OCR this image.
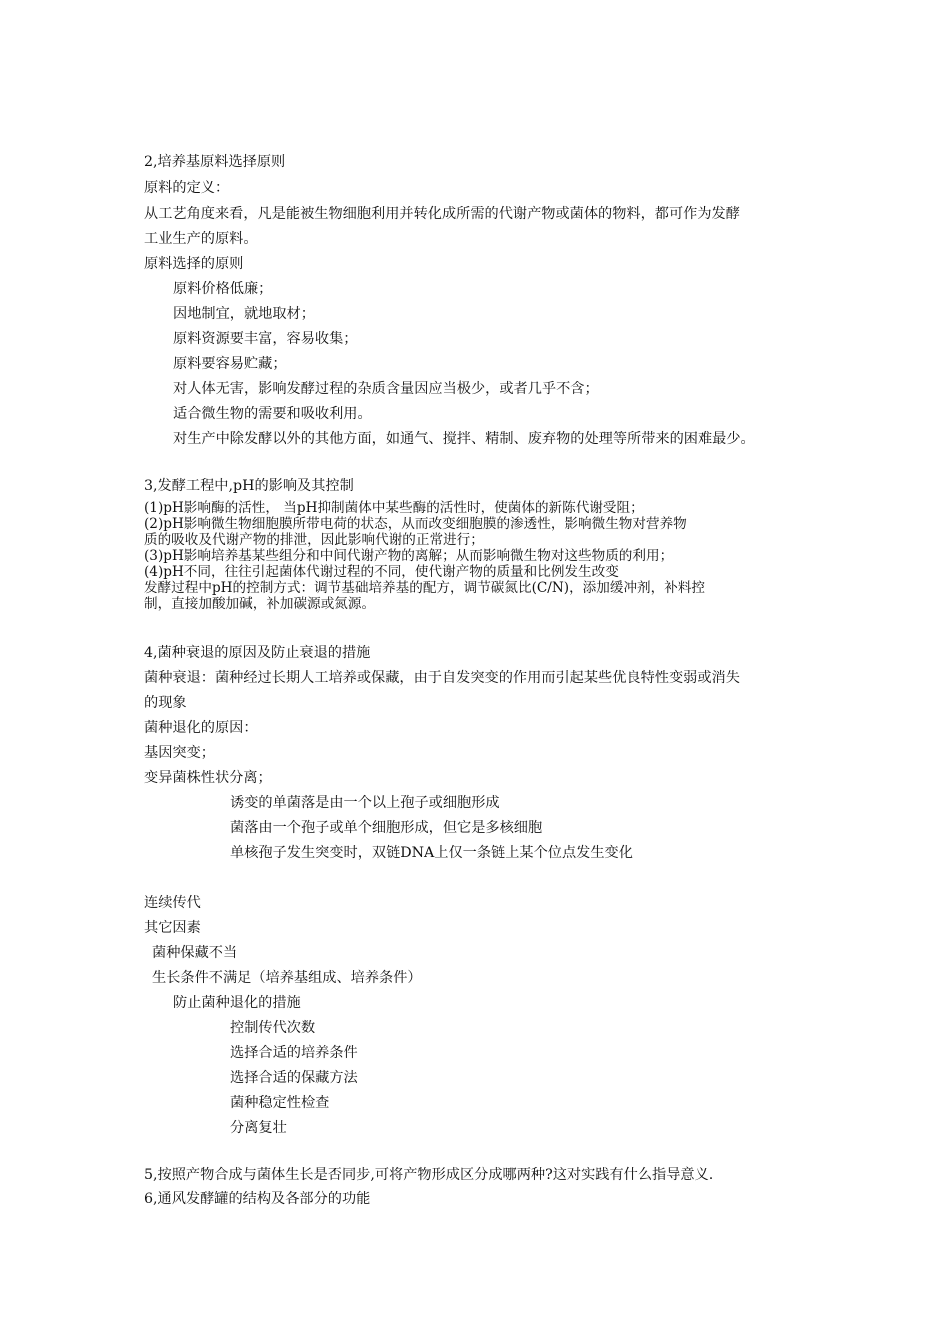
2,培养基原料选择原则

原料的定义：

从工艺角度来看，凡是能被生物细胞利用并转化成所需的代谢产物或菌体的物料，都可作为发酵

工业生产的原料。

原料选择的原则

原料价格低廉；

因地制宜，就地取材；

原料资源要丰富，容易收集；

原料要容易贮藏；

对人体无害，影响发酵过程的杂质含量因应当极少，或者几乎不含；

适合微生物的需要和吸收利用。

对生产中除发酵以外的其他方面，如通气、搅拌、精制、废弃物的处理等所带来的困难最少。

3,发酵工程中,pH的影响及其控制

(1)pH影响酶的活性， 当pH抑制菌体中某些酶的活性时，使菌体的新陈代谢受阻；

(2)pH影响微生物细胞膜所带电荷的状态，从而改变细胞膜的渗透性，影响微生物对营养物

质的吸收及代谢产物的排泄，因此影响代谢的正常进行；

(3)pH影响培养基某些组分和中间代谢产物的离解；从而影响微生物对这些物质的利用；

(4)pH不同，往往引起菌体代谢过程的不同，使代谢产物的质量和比例发生改变

发酵过程中pH的控制方式：调节基础培养基的配方，调节碳氮比(C/N)，添加缓冲剂，补料控

制，直接加酸加碱，补加碳源或氮源。

4,菌种衰退的原因及防止衰退的措施

菌种衰退：菌种经过长期人工培养或保藏，由于自发突变的作用而引起某些优良特性变弱或消失

的现象

菌种退化的原因：

基因突变；

变异菌株性状分离；

诱变的单菌落是由一个以上孢子或细胞形成

菌落由一个孢子或单个细胞形成，但它是多核细胞

单核孢子发生突变时，双链DNA上仅一条链上某个位点发生变化

连续传代

其它因素

菌种保藏不当

生长条件不满足（培养基组成、培养条件）

防止菌种退化的措施

控制传代次数

选择合适的培养条件

选择合适的保藏方法

菌种稳定性检查

分离复壮

5,按照产物合成与菌体生长是否同步,可将产物形成区分成哪两种?这对实践有什么指导意义.

6,通风发酵罐的结构及各部分的功能
